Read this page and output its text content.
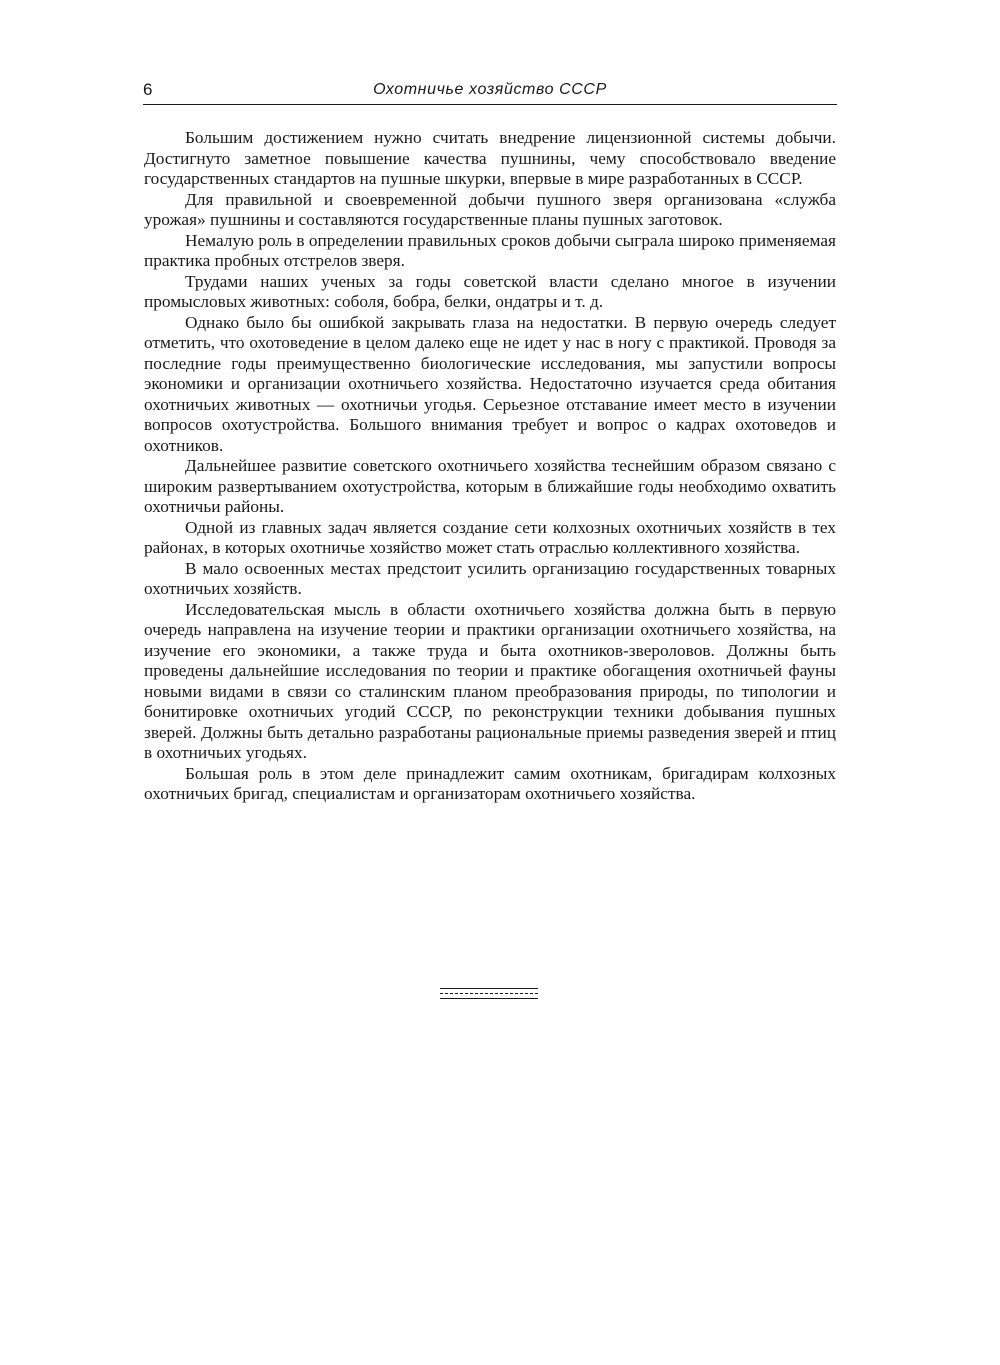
6	Охотничье хозяйство СССР

Большим достижением нужно считать внедрение лицензионной системы добычи. Достигнуто заметное повышение качества пушнины, чему способствовало введение государственных стандартов на пушные шкурки, впервые в мире разработанных в СССР.

Для правильной и своевременной добычи пушного зверя организована «служба урожая» пушнины и составляются государственные планы пушных заготовок.

Немалую роль в определении правильных сроков добычи сыграла широко применяемая практика пробных отстрелов зверя.

Трудами наших ученых за годы советской власти сделано многое в изучении промысловых животных: соболя, бобра, белки, ондатры и т. д.

Однако было бы ошибкой закрывать глаза на недостатки. В первую очередь следует отметить, что охотоведение в целом далеко еще не идет у нас в ногу с практикой. Проводя за последние годы преимущественно биологические исследования, мы запустили вопросы экономики и организации охотничьего хозяйства. Недостаточно изучается среда обитания охотничьих животных — охотничьи угодья. Серьезное отставание имеет место в изучении вопросов охотустройства. Большого внимания требует и вопрос о кадрах охотоведов и охотников.

Дальнейшее развитие советского охотничьего хозяйства теснейшим образом связано с широким развертыванием охотустройства, которым в ближайшие годы необходимо охватить охотничьи районы.

Одной из главных задач является создание сети колхозных охотничьих хозяйств в тех районах, в которых охотничье хозяйство может стать отраслью коллективного хозяйства.

В мало освоенных местах предстоит усилить организацию государственных товарных охотничьих хозяйств.

Исследовательская мысль в области охотничьего хозяйства должна быть в первую очередь направлена на изучение теории и практики организации охотничьего хозяйства, на изучение его экономики, а также труда и быта охотников-звероловов. Должны быть проведены дальнейшие исследования по теории и практике обогащения охотничьей фауны новыми видами в связи со сталинским планом преобразования природы, по типологии и бонитировке охотничьих угодий СССР, по реконструкции техники добывания пушных зверей. Должны быть детально разработаны рациональные приемы разведения зверей и птиц в охотничьих угодьях.

Большая роль в этом деле принадлежит самим охотникам, бригадирам колхозных охотничьих бригад, специалистам и организаторам охотничьего хозяйства.
